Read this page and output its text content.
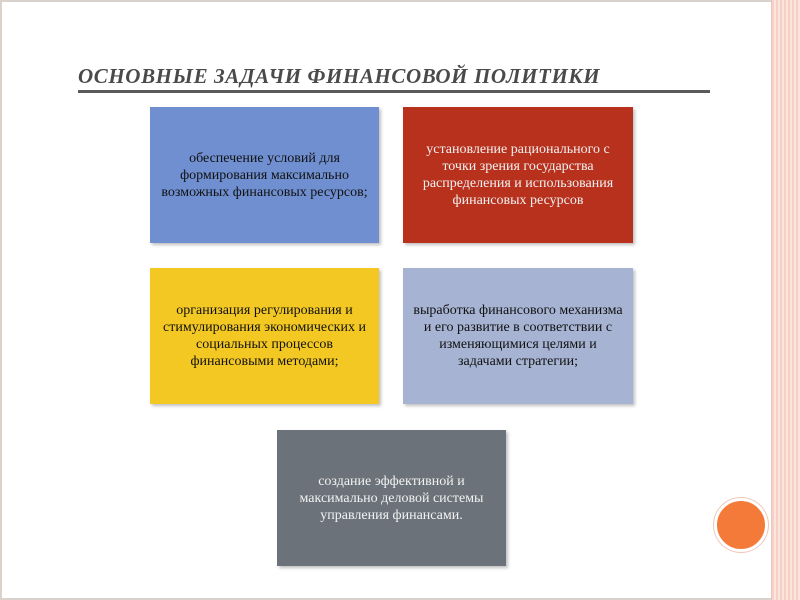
ОСНОВНЫЕ ЗАДАЧИ ФИНАНСОВОЙ ПОЛИТИКИ
обеспечение условий для формирования максимально возможных финансовых ресурсов;
установление рационального с точки зрения государства распределения и использования финансовых ресурсов
организация регулирования и стимулирования экономических и социальных процессов финансовыми методами;
выработка финансового механизма и его развитие в соответствии с изменяющимися целями и задачами стратегии;
создание эффективной и максимально деловой системы управления финансами.
